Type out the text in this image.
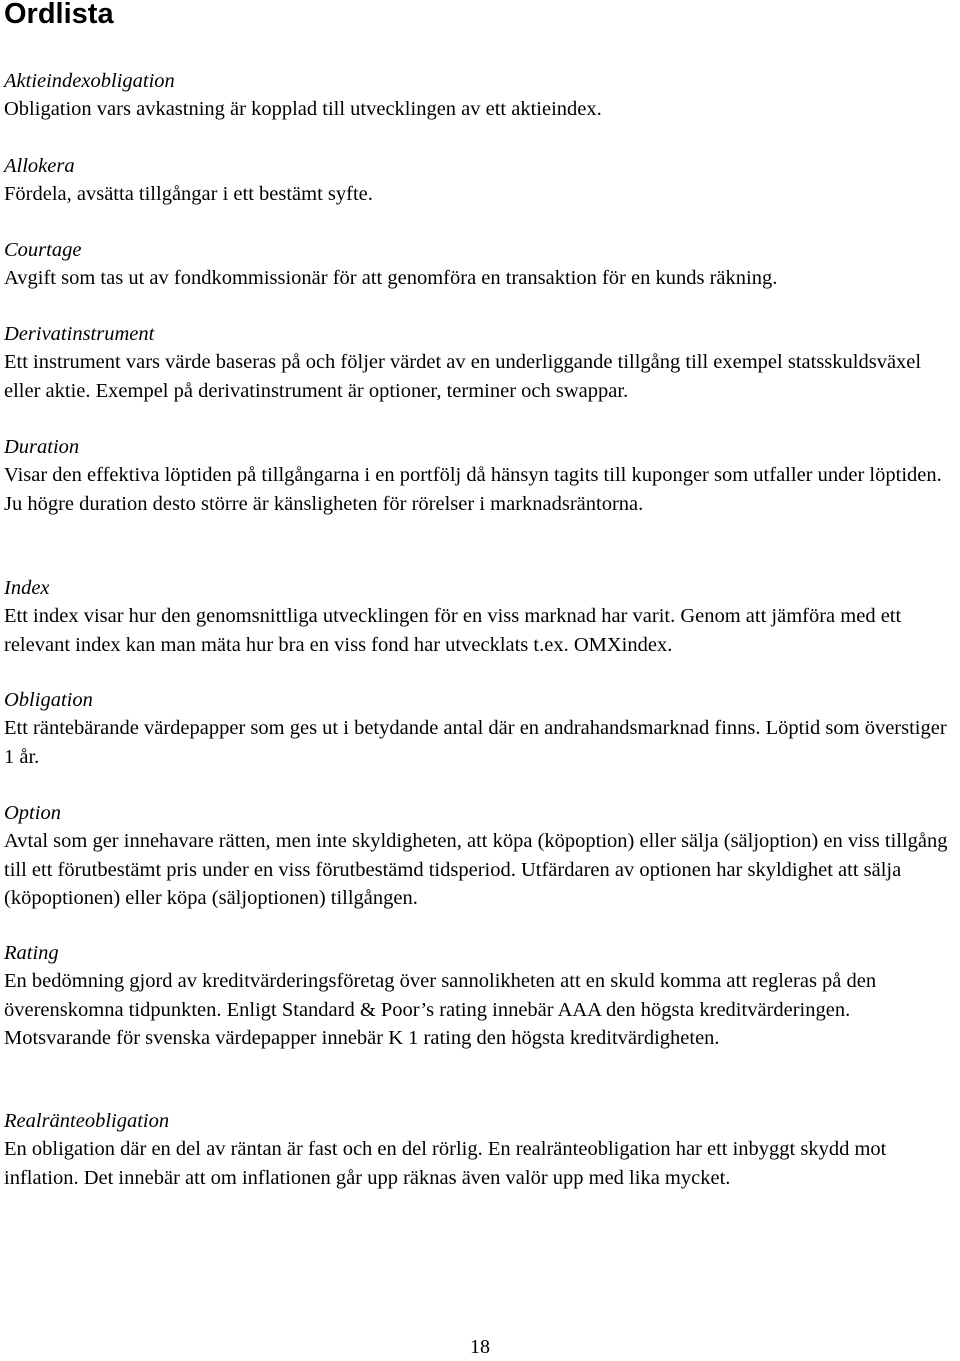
Ordlista
Aktieindexobligation
Obligation vars avkastning är kopplad till utvecklingen av ett aktieindex.
Allokera
Fördela, avsätta tillgångar i ett bestämt syfte.
Courtage
Avgift som tas ut av fondkommissionär för att genomföra en transaktion för en kunds räkning.
Derivatinstrument
Ett instrument vars värde baseras på och följer värdet av en underliggande tillgång till exempel statsskuldsväxel eller aktie. Exempel på derivatinstrument är optioner, terminer och swappar.
Duration
Visar den effektiva löptiden på tillgångarna i en portfölj då hänsyn tagits till kuponger som utfaller under löptiden. Ju högre duration desto större är känsligheten för rörelser i marknadsräntorna.
Index
Ett index visar hur den genomsnittliga utvecklingen för en viss marknad har varit. Genom att jämföra med ett relevant index kan man mäta hur bra en viss fond har utvecklats t.ex. OMXindex.
Obligation
Ett räntebärande värdepapper som ges ut i betydande antal där en andrahandsmarknad finns. Löptid som överstiger 1 år.
Option
Avtal som ger innehavare rätten, men inte skyldigheten, att köpa (köpoption) eller sälja (säljoption) en viss tillgång till ett förutbestämt pris under en viss förutbestämd tidsperiod. Utfärdaren av optionen har skyldighet att sälja (köpoptionen) eller köpa (säljoptionen) tillgången.
Rating
En bedömning gjord av kreditvärderingsföretag över sannolikheten att en skuld komma att regleras på den överenskomna tidpunkten. Enligt Standard & Poor’s rating innebär AAA den högsta kreditvärderingen. Motsvarande för svenska värdepapper innebär K 1 rating den högsta kreditvärdigheten.
Realränteobligation
En obligation där en del av räntan är fast och en del rörlig. En realränteobligation har ett inbyggt skydd mot inflation. Det innebär att om inflationen går upp räknas även valör upp med lika mycket.
18
